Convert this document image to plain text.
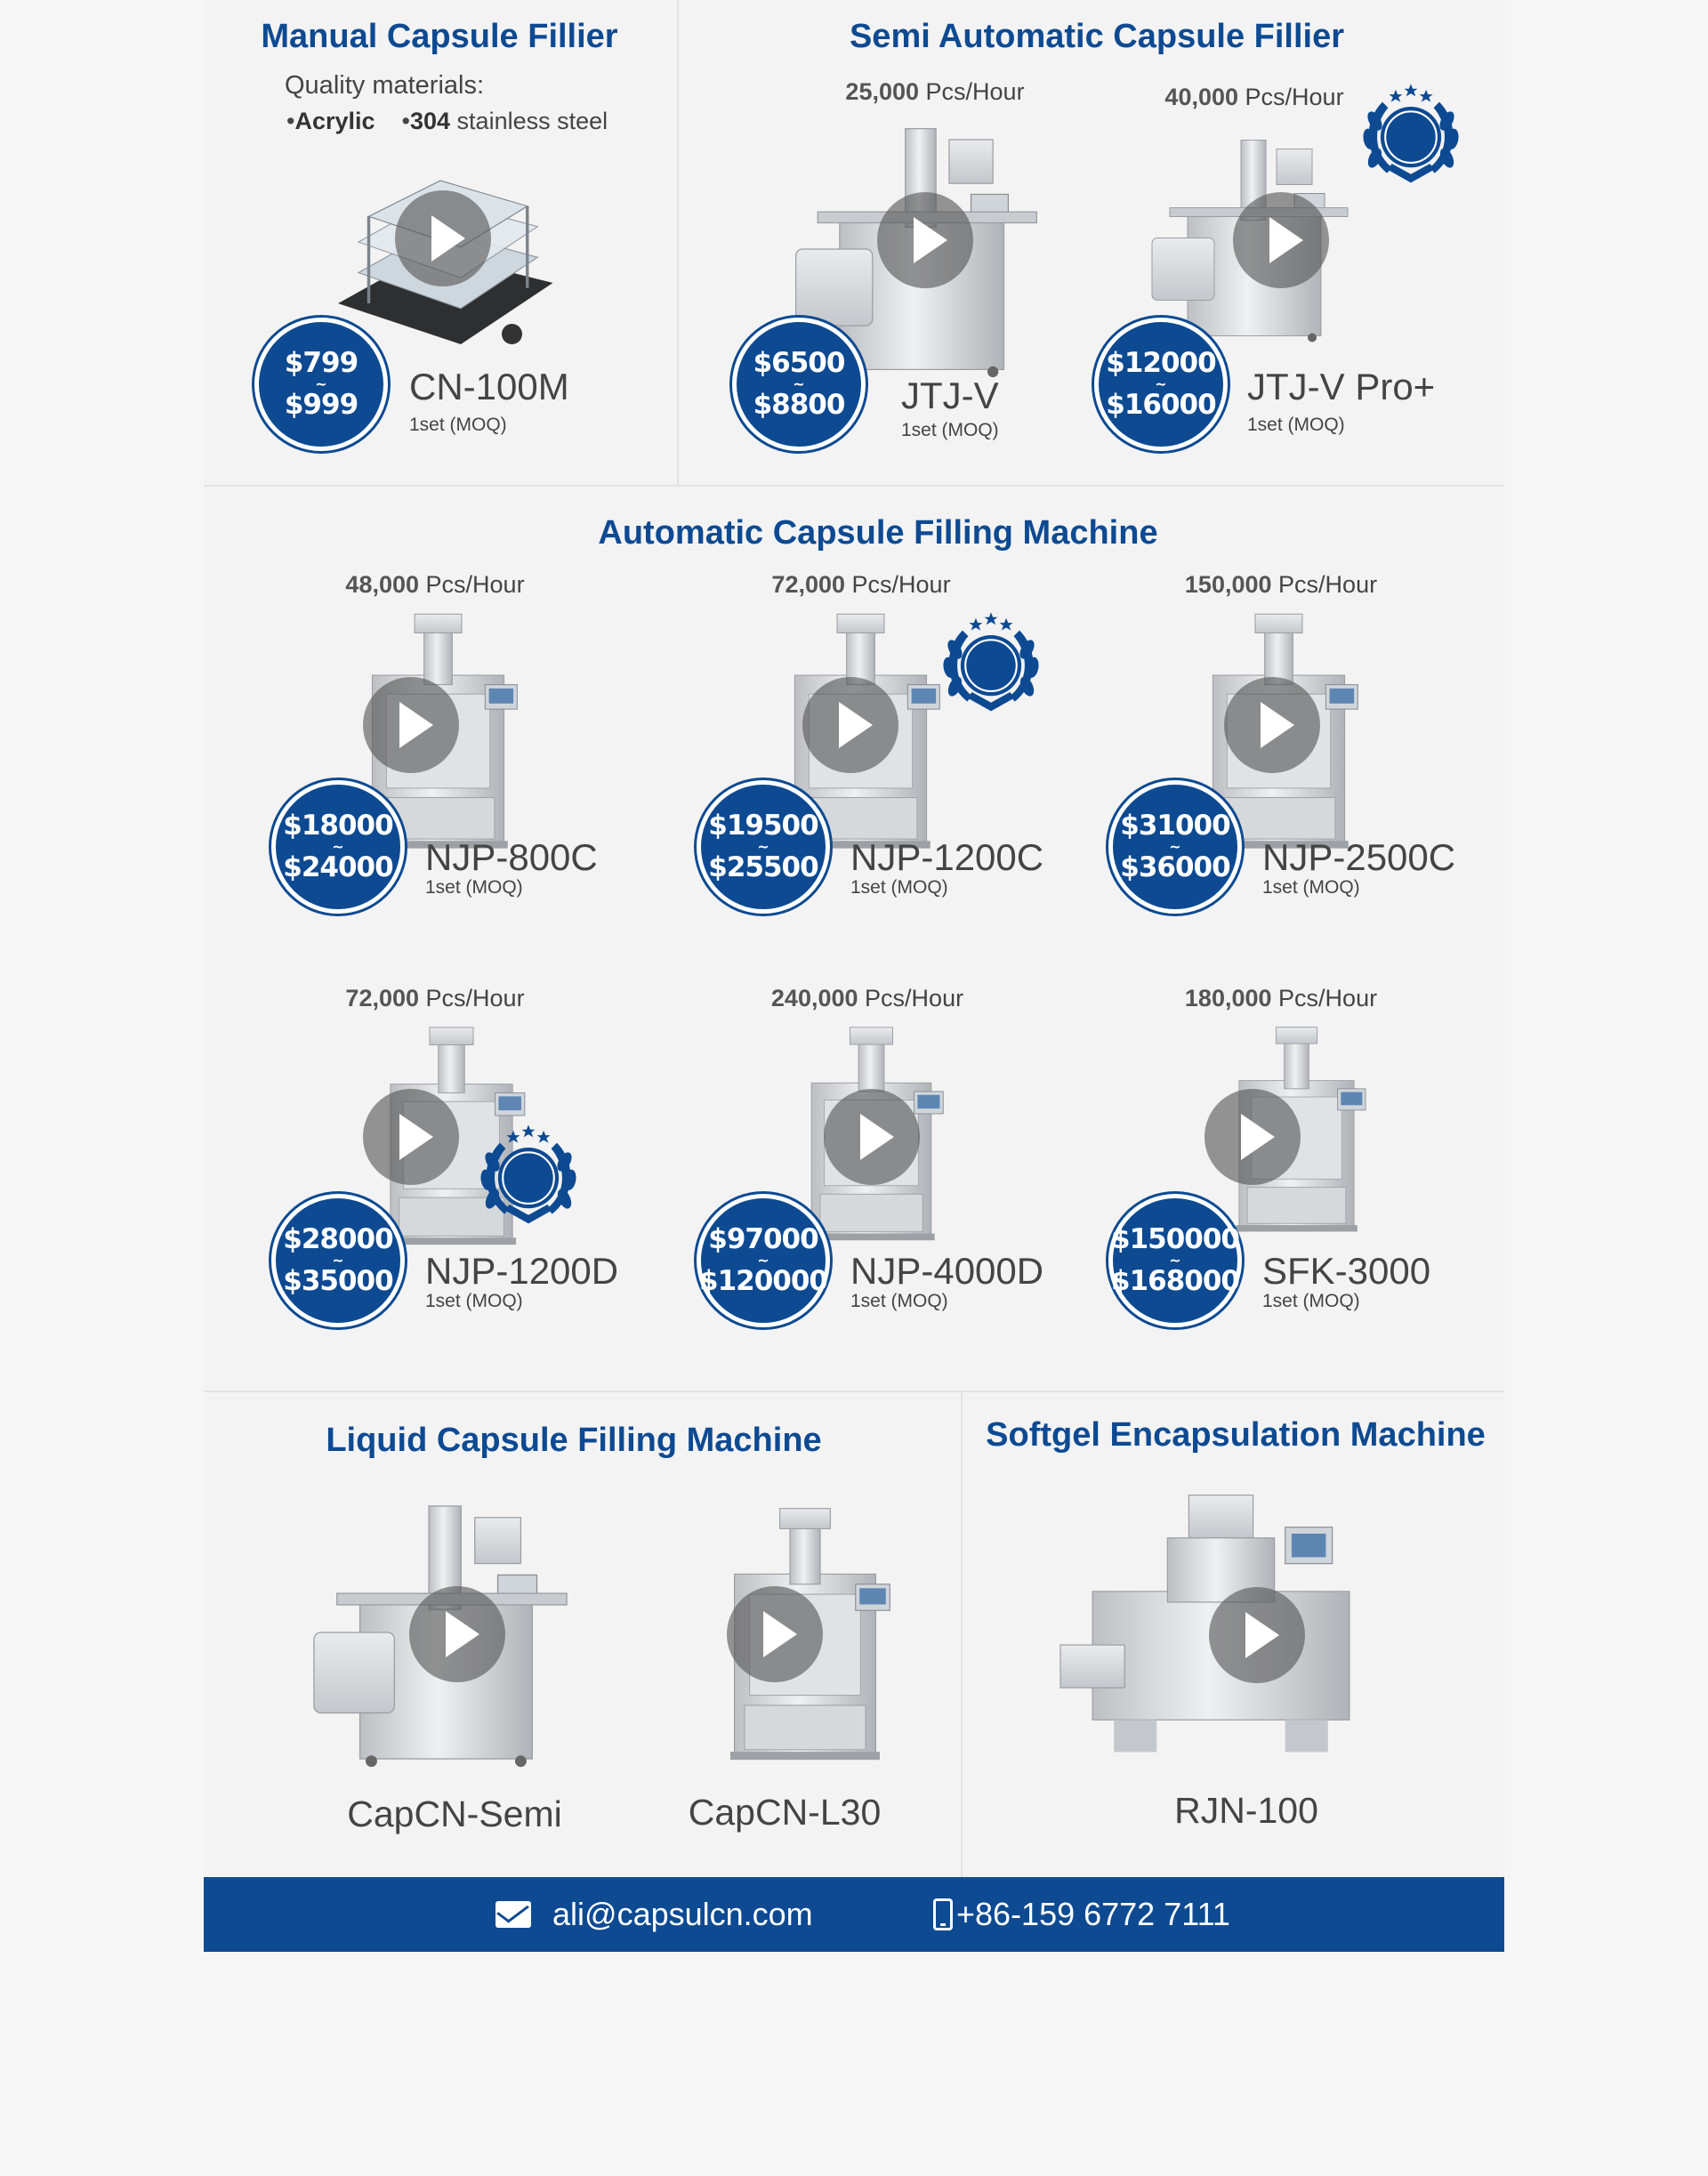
Manual Capsule Fillier
Quality materials:
•Acrylic •304 stainless steel
$799
~
$999 CN-100M
1set (MOQ)
Semi Automatic Capsule Fillier
25,000 Pcs/Hour
$6500
~
$8800 JTJ-V
1set (MOQ)
40,000 Pcs/Hour
$12000
~
$16000 JTJ-V Pro+
1set (MOQ)
Automatic Capsule Filling Machine
48,000 Pcs/Hour
$18000
~
$24000 NJP-800C
1set (MOQ)
72,000 Pcs/Hour
$19500
~
$25500 NJP-1200C
1set (MOQ)
150,000 Pcs/Hour
$31000
~
$36000 NJP-2500C
1set (MOQ)
72,000 Pcs/Hour
$28000
~
$35000 NJP-1200D
1set (MOQ)
240,000 Pcs/Hour
$97000
~
$120000 NJP-4000D
1set (MOQ)
180,000 Pcs/Hour
$150000
~
$168000 SFK-3000
1set (MOQ)
Liquid Capsule Filling Machine
CapCN-Semi	CapCN-L30
Softgel Encapsulation Machine
RJN-100
ali@capsulcn.com	+86-159 6772 7111
